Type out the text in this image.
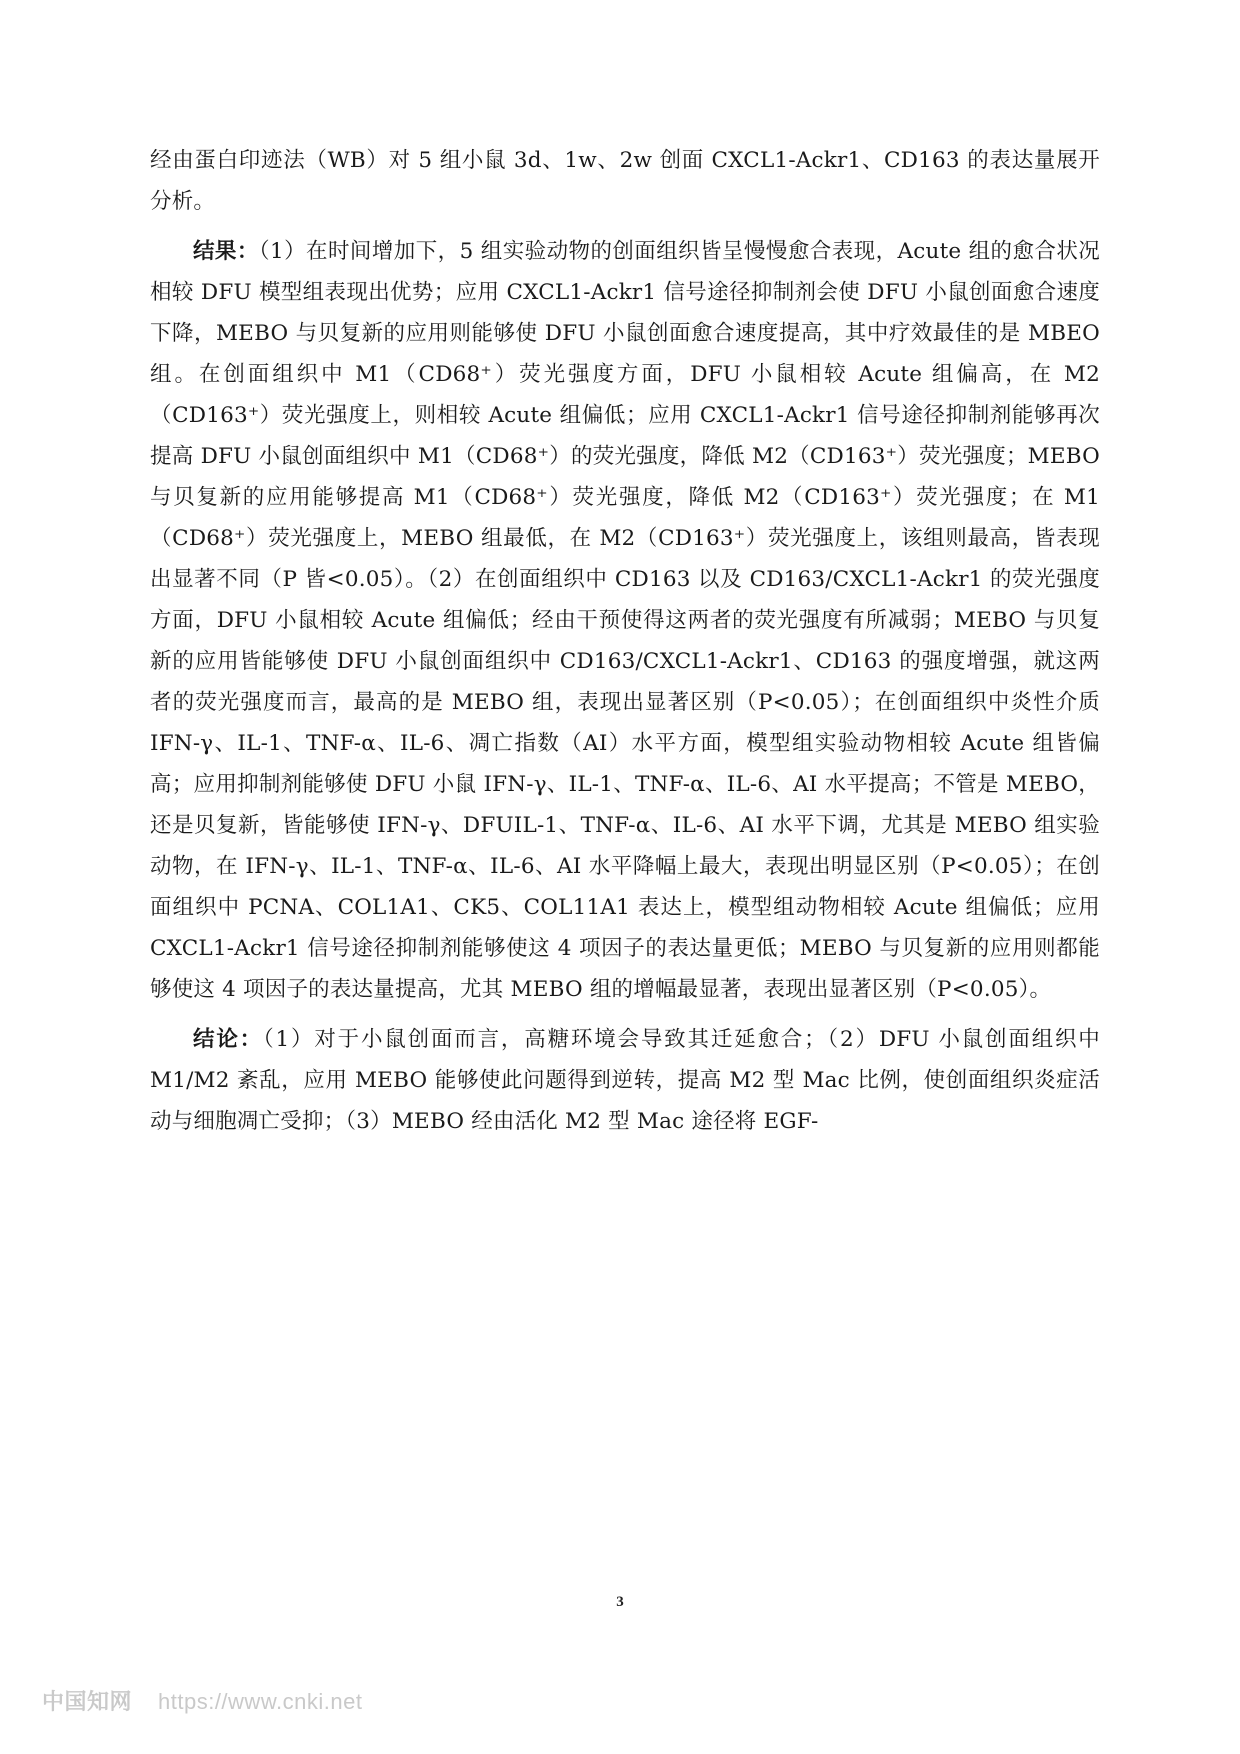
经由蛋白印迹法（WB）对 5 组小鼠 3d、1w、2w 创面 CXCL1-Ackr1、CD163 的表达量展开分析。

结果：（1）在时间增加下，5 组实验动物的创面组织皆呈慢慢愈合表现，Acute 组的愈合状况相较 DFU 模型组表现出优势；应用 CXCL1-Ackr1 信号途径抑制剂会使 DFU 小鼠创面愈合速度下降，MEBO 与贝复新的应用则能够使 DFU 小鼠创面愈合速度提高，其中疗效最佳的是 MBEO 组。在创面组织中 M1（CD68⁺）荧光强度方面，DFU 小鼠相较 Acute 组偏高，在 M2（CD163⁺）荧光强度上，则相较 Acute 组偏低；应用 CXCL1-Ackr1 信号途径抑制剂能够再次提高 DFU 小鼠创面组织中 M1（CD68⁺）的荧光强度，降低 M2（CD163⁺）荧光强度；MEBO 与贝复新的应用能够提高 M1（CD68⁺）荧光强度，降低 M2（CD163⁺）荧光强度；在 M1（CD68⁺）荧光强度上，MEBO 组最低，在 M2（CD163⁺）荧光强度上，该组则最高，皆表现出显著不同（P 皆<0.05）。（2）在创面组织中 CD163 以及 CD163/CXCL1-Ackr1 的荧光强度方面，DFU 小鼠相较 Acute 组偏低；经由干预使得这两者的荧光强度有所减弱；MEBO 与贝复新的应用皆能够使 DFU 小鼠创面组织中 CD163/CXCL1-Ackr1、CD163 的强度增强，就这两者的荧光强度而言，最高的是 MEBO 组，表现出显著区别（P<0.05）；在创面组织中炎性介质 IFN-γ、IL-1、TNF-α、IL-6、凋亡指数（AI）水平方面，模型组实验动物相较 Acute 组皆偏高；应用抑制剂能够使 DFU 小鼠 IFN-γ、IL-1、TNF-α、IL-6、AI 水平提高；不管是 MEBO，还是贝复新，皆能够使 IFN-γ、DFUIL-1、TNF-α、IL-6、AI 水平下调，尤其是 MEBO 组实验动物，在 IFN-γ、IL-1、TNF-α、IL-6、AI 水平降幅上最大，表现出明显区别（P<0.05）；在创面组织中 PCNA、COL1A1、CK5、COL11A1 表达上，模型组动物相较 Acute 组偏低；应用 CXCL1-Ackr1 信号途径抑制剂能够使这 4 项因子的表达量更低；MEBO 与贝复新的应用则都能够使这 4 项因子的表达量提高，尤其 MEBO 组的增幅最显著，表现出显著区别（P<0.05）。

结论：（1）对于小鼠创面而言，高糖环境会导致其迁延愈合；（2）DFU 小鼠创面组织中 M1/M2 紊乱，应用 MEBO 能够使此问题得到逆转，提高 M2 型 Mac 比例，使创面组织炎症活动与细胞凋亡受抑；（3）MEBO 经由活化 M2 型 Mac 途径将 EGF-

3
中国知网 https://www.cnki.net
